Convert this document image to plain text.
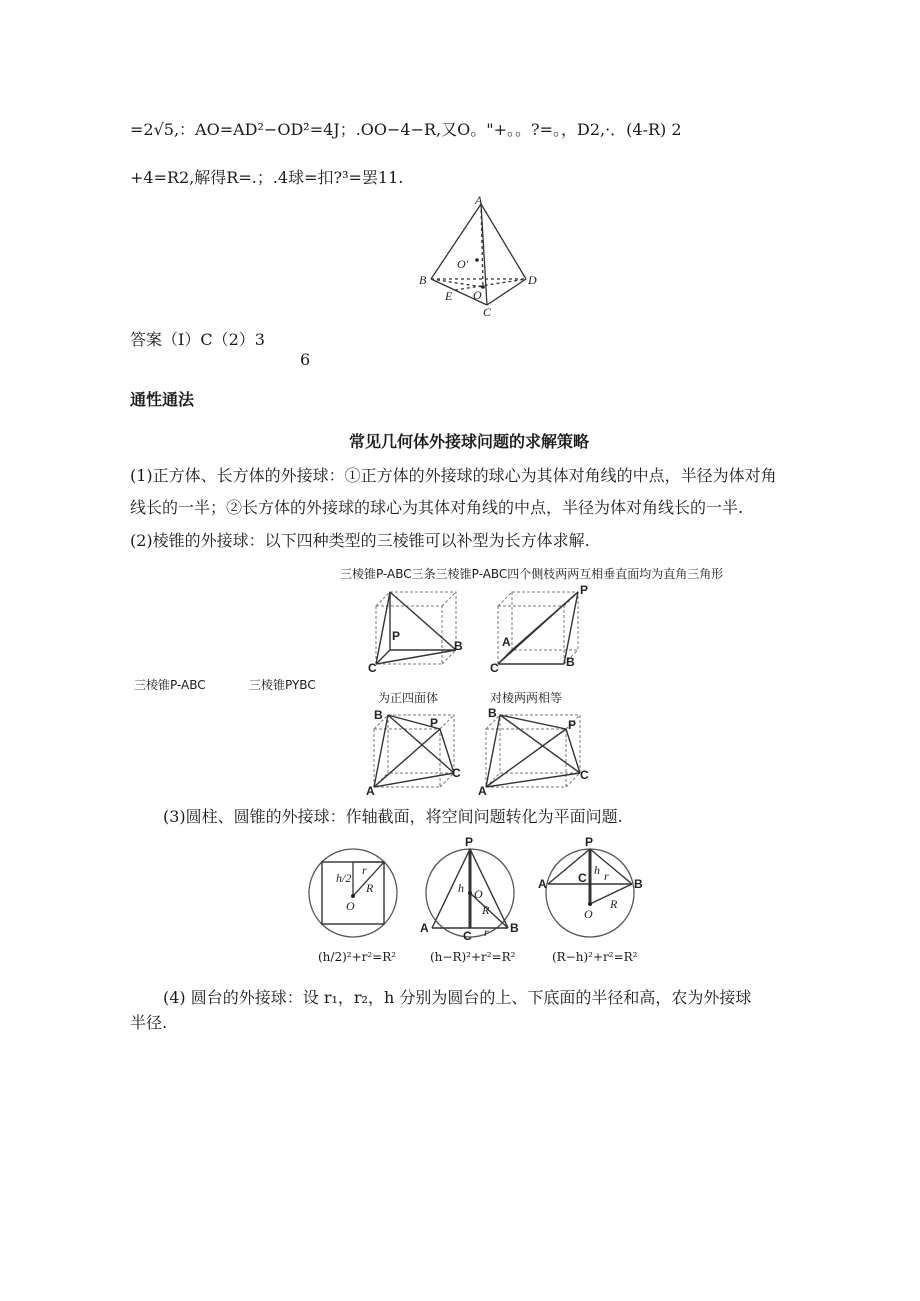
=2√5,：AO=AD²−OD²=4J；.OO−4−R,又O。"+。。?=。，D2,·．(4-R) 2
+4=R2,解得R=.；.4球=扣?³=罢11.
A
B	D
C
E O
O'
答案（I）C（2）3
6
通性通法
常见几何体外接球问题的求解策略
(1)正方体、长方体的外接球：①正方体的外接球的球心为其体对角线的中点，半径为体对角
线长的一半；②长方体的外接球的球心为其体对角线的中点，半径为体对角线长的一半.
(2)棱锥的外接球：以下四种类型的三棱锥可以补型为长方体求解.
三棱锥P-ABC三条三棱锥P-ABC四个侧枝两两互相垂直面均为直角三角形
三棱锥P-ABC	三棱锥PYBC
为正四面体	对棱两两相等
P
C
B
P
A
C	B
B
P
C
A
B
P
C
A
(3)圆柱、圆锥的外接球：作轴截面，将空间问题转化为平面问题.
h/2
r
R
O
(h/2)²+r²=R²
P
h O
R
A
C r B
(h−R)²+r²=R²
P
A	C
h r
B
O
R
(R−h)²+r²=R²
(4) 圆台的外接球：设 r₁，r₂，h 分别为圆台的上、下底面的半径和高，农为外接球
半径.
